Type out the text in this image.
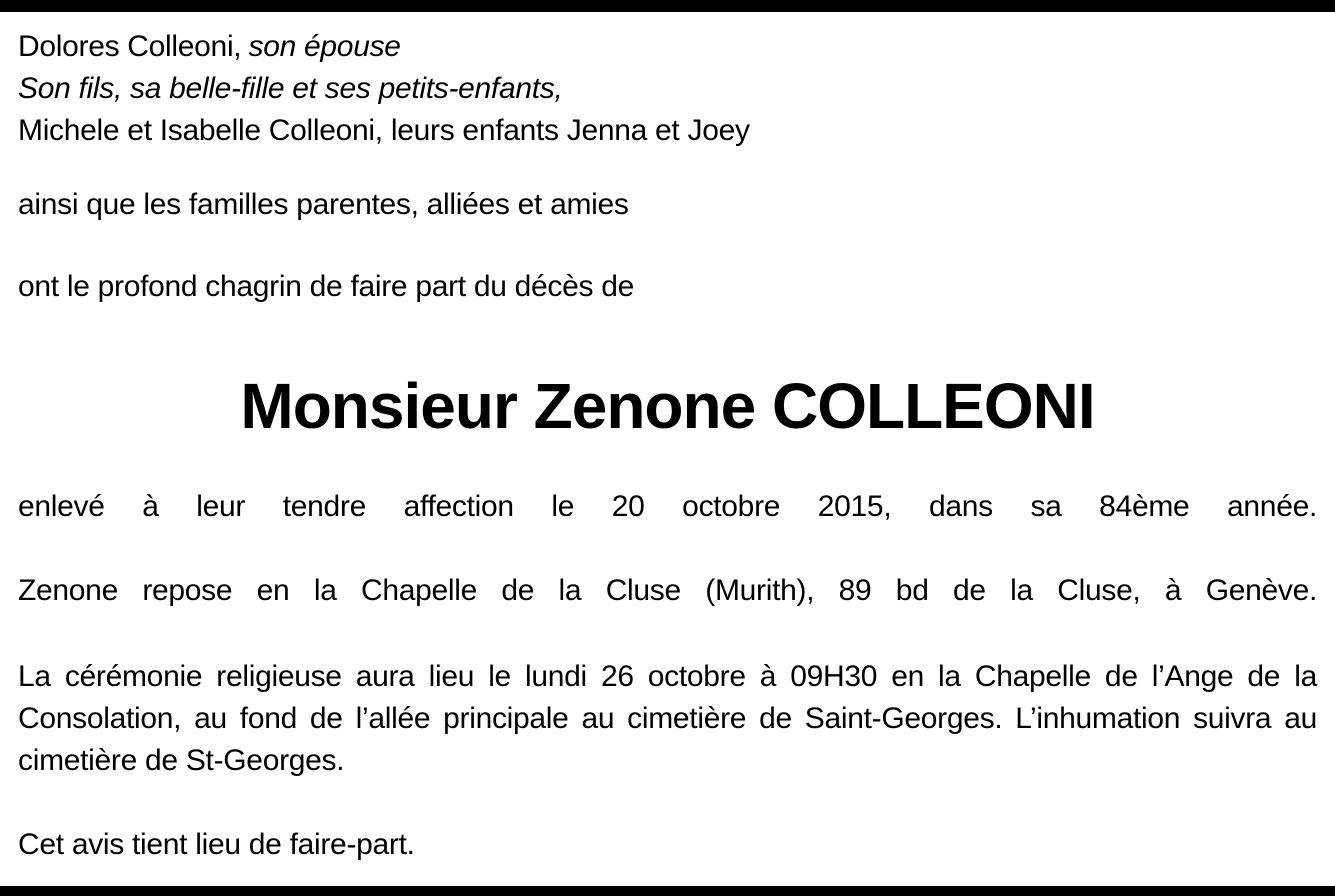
Dolores Colleoni, son épouse

Son fils, sa belle-fille et ses petits-enfants,

Michele et Isabelle Colleoni, leurs enfants Jenna et Joey

ainsi que les familles parentes, alliées et amies

ont le profond chagrin de faire part du décès de

Monsieur Zenone COLLEONI

enlevé à leur tendre affection le 20 octobre 2015, dans sa 84ème année.

Zenone repose en la Chapelle de la Cluse (Murith), 89 bd de la Cluse, à Genève.

La cérémonie religieuse aura lieu le lundi 26 octobre à 09H30 en la Chapelle de l’Ange de la Consolation, au fond de l’allée principale au cimetière de Saint-Georges. L’inhumation suivra au cimetière de St-Georges.

Cet avis tient lieu de faire-part.
